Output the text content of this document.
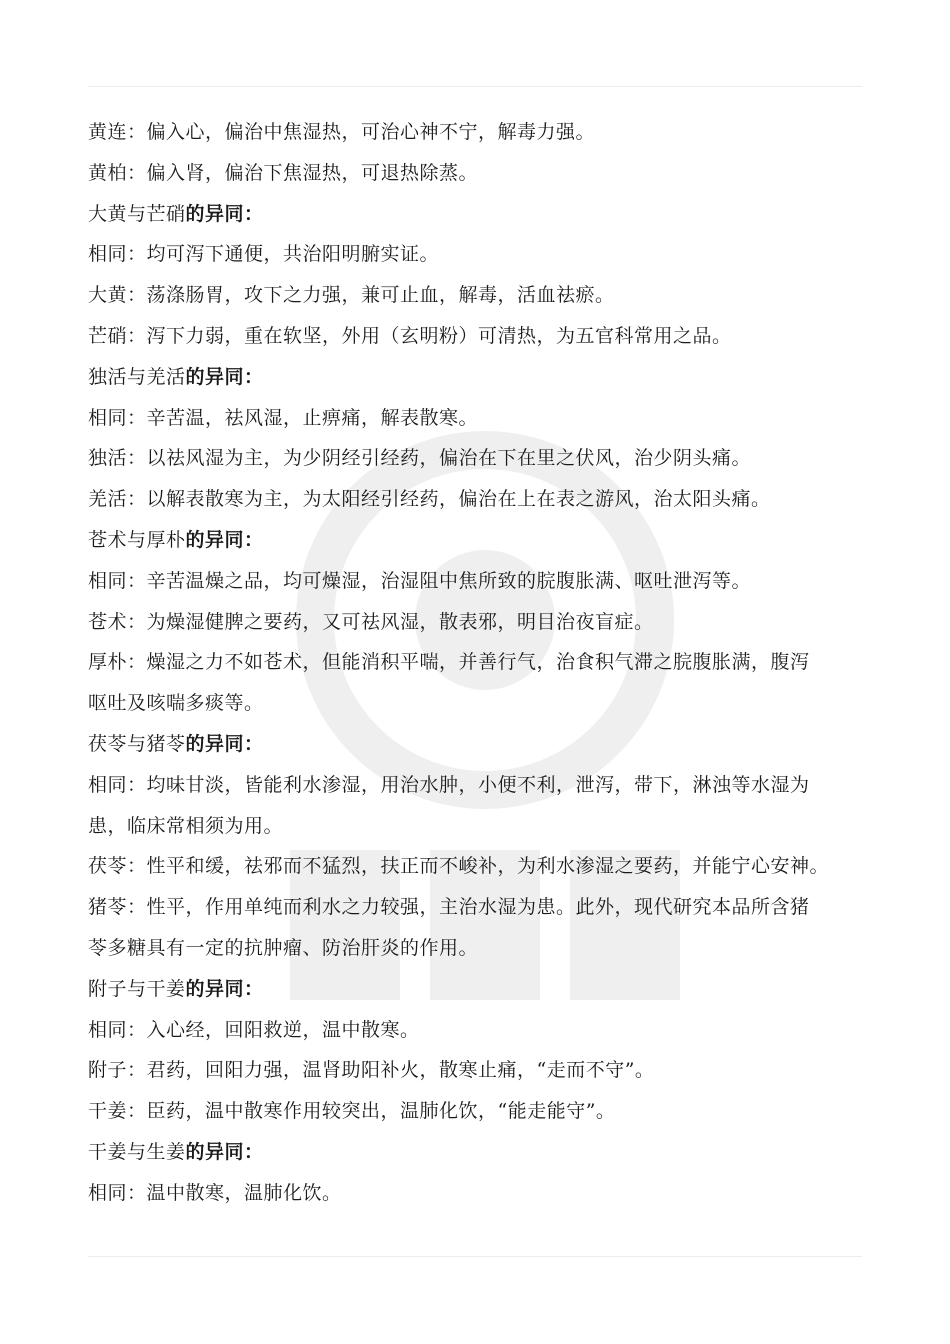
黄连：偏入心，偏治中焦湿热，可治心神不宁，解毒力强。
黄柏：偏入肾，偏治下焦湿热，可退热除蒸。
大黄与芒硝的异同：
相同：均可泻下通便，共治阳明腑实证。
大黄：荡涤肠胃，攻下之力强，兼可止血，解毒，活血祛瘀。
芒硝：泻下力弱，重在软坚，外用（玄明粉）可清热，为五官科常用之品。
独活与羌活的异同：
相同：辛苦温，祛风湿，止痹痛，解表散寒。
独活：以祛风湿为主，为少阴经引经药，偏治在下在里之伏风，治少阴头痛。
羌活：以解表散寒为主，为太阳经引经药，偏治在上在表之游风，治太阳头痛。
苍术与厚朴的异同：
相同：辛苦温燥之品，均可燥湿，治湿阻中焦所致的脘腹胀满、呕吐泄泻等。
苍术：为燥湿健脾之要药，又可祛风湿，散表邪，明目治夜盲症。
厚朴：燥湿之力不如苍术，但能消积平喘，并善行气，治食积气滞之脘腹胀满，腹泻
呕吐及咳喘多痰等。
茯苓与猪苓的异同：
相同：均味甘淡，皆能利水渗湿，用治水肿，小便不利，泄泻，带下，淋浊等水湿为
患，临床常相须为用。
茯苓：性平和缓，祛邪而不猛烈，扶正而不峻补，为利水渗湿之要药，并能宁心安神。
猪苓：性平，作用单纯而利水之力较强，主治水湿为患。此外，现代研究本品所含猪
苓多糖具有一定的抗肿瘤、防治肝炎的作用。
附子与干姜的异同：
相同：入心经，回阳救逆，温中散寒。
附子：君药，回阳力强，温肾助阳补火，散寒止痛，“走而不守”。
干姜：臣药，温中散寒作用较突出，温肺化饮，“能走能守”。
干姜与生姜的异同：
相同：温中散寒，温肺化饮。
